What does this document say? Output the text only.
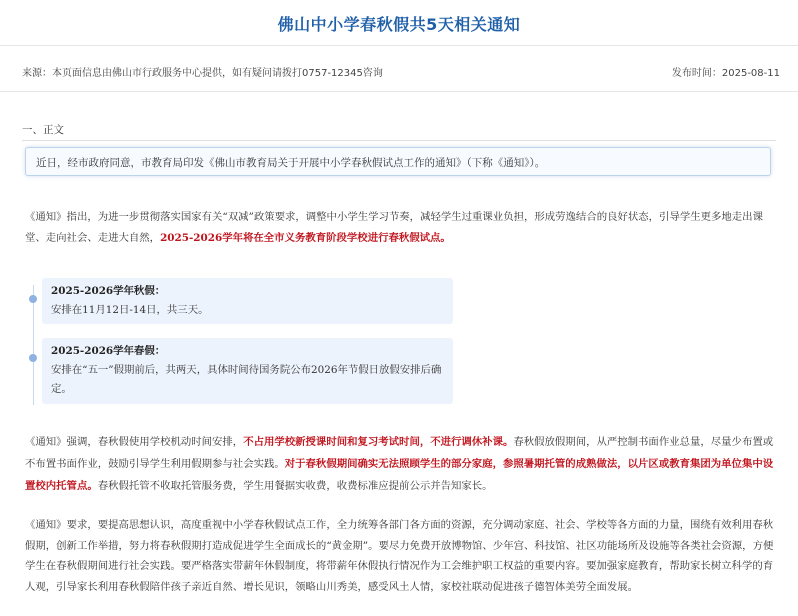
佛山中小学春秋假共5天相关通知
来源：本页面信息由佛山市行政服务中心提供，如有疑问请拨打0757-12345咨询	发布时间：2025-08-11
一、正文
近日，经市政府同意，市教育局印发《佛山市教育局关于开展中小学春秋假试点工作的通知》（下称《通知》）。
《通知》指出，为进一步贯彻落实国家有关“双减”政策要求，调整中小学生学习节奏，减轻学生过重课业负担，形成劳逸结合的良好状态，引导学生更多地走出课堂、走向社会、走进大自然，2025-2026学年将在全市义务教育阶段学校进行春秋假试点。
2025-2026学年秋假：
安排在11月12日-14日，共三天。
2025-2026学年春假：
安排在“五一”假期前后，共两天，具体时间待国务院公布2026年节假日放假安排后确定。
《通知》强调，春秋假使用学校机动时间安排，不占用学校新授课时间和复习考试时间，不进行调休补课。春秋假放假期间，从严控制书面作业总量，尽量少布置或不布置书面作业，鼓励引导学生利用假期参与社会实践。对于春秋假期间确实无法照顾学生的部分家庭，参照暑期托管的成熟做法，以片区或教育集团为单位集中设置校内托管点。春秋假托管不收取托管服务费，学生用餐据实收费，收费标准应提前公示并告知家长。
《通知》要求，要提高思想认识，高度重视中小学春秋假试点工作，全力统筹各部门各方面的资源，充分调动家庭、社会、学校等各方面的力量，围绕有效利用春秋假期，创新工作举措，努力将春秋假期打造成促进学生全面成长的“黄金期”。要尽力免费开放博物馆、少年宫、科技馆、社区功能场所及设施等各类社会资源，方便学生在春秋假期间进行社会实践。要严格落实带薪年休假制度，将带薪年休假执行情况作为工会维护职工权益的重要内容。要加强家庭教育，帮助家长树立科学的育人观，引导家长利用春秋假陪伴孩子亲近自然、增长见识，领略山川秀美，感受风土人情，家校社联动促进孩子德智体美劳全面发展。
